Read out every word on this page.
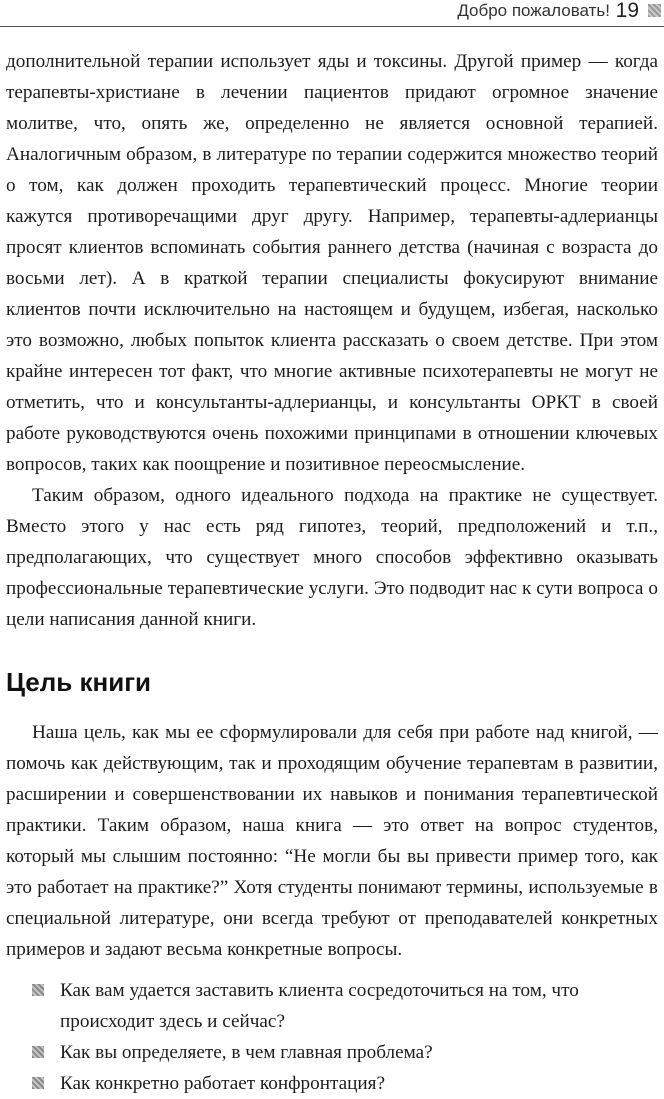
Добро пожаловать! 19

дополнительной терапии использует яды и токсины. Другой пример — когда терапевты-христиане в лечении пациентов придают огромное значение молитве, что, опять же, определенно не является основной терапией. Аналогичным образом, в литературе по терапии содержится множество теорий о том, как должен проходить терапевтический процесс. Многие теории кажутся противоречащими друг другу. Например, терапевты-адлерианцы просят клиентов вспоминать события раннего детства (начиная с возраста до восьми лет). А в краткой терапии специалисты фокусируют внимание клиентов почти исключительно на настоящем и будущем, избегая, насколько это возможно, любых попыток клиента рассказать о своем детстве. При этом крайне интересен тот факт, что многие активные психотерапевты не могут не отметить, что и консультанты-адлерианцы, и консультанты ОРКТ в своей работе руководствуются очень похожими принципами в отношении ключевых вопросов, таких как поощрение и позитивное переосмысление.

Таким образом, одного идеального подхода на практике не существует. Вместо этого у нас есть ряд гипотез, теорий, предположений и т.п., предполагающих, что существует много способов эффективно оказывать профессиональные терапевтические услуги. Это подводит нас к сути вопроса о цели написания данной книги.

Цель книги

Наша цель, как мы ее сформулировали для себя при работе над книгой, — помочь как действующим, так и проходящим обучение терапевтам в развитии, расширении и совершенствовании их навыков и понимания терапевтической практики. Таким образом, наша книга — это ответ на вопрос студентов, который мы слышим постоянно: “Не могли бы вы привести пример того, как это работает на практике?” Хотя студенты понимают термины, используемые в специальной литературе, они всегда требуют от преподавателей конкретных примеров и задают весьма конкретные вопросы.

Как вам удается заставить клиента сосредоточиться на том, что происходит здесь и сейчас?
Как вы определяете, в чем главная проблема?
Как конкретно работает конфронтация?
